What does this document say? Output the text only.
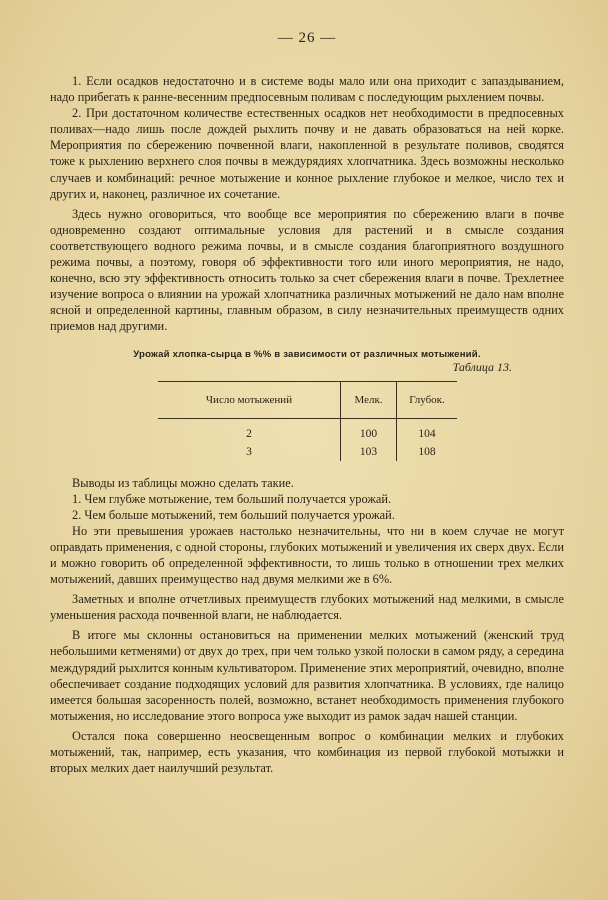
— 26 —

1. Если осадков недостаточно и в системе воды мало или она приходит с запаздыванием, надо прибегать к ранне-весенним предпосевным поливам с последующим рыхлением почвы.

2. При достаточном количестве естественных осадков нет необходимости в предпосевных поливах—надо лишь после дождей рыхлить почву и не давать образоваться на ней корке. Мероприятия по сбережению почвенной влаги, накопленной в результате поливов, сводятся тоже к рыхлению верхнего слоя почвы в междурядиях хлопчатника. Здесь возможны несколько случаев и комбинаций: речное мотыжение и конное рыхление глубокое и мелкое, число тех и других и, наконец, различное их сочетание.

Здесь нужно оговориться, что вообще все мероприятия по сбережению влаги в почве одновременно создают оптимальные условия для растений и в смысле создания соответствующего водного режима почвы, и в смысле создания благоприятного воздушного режима почвы, а поэтому, говоря об эффективности того или иного мероприятия, не надо, конечно, всю эту эффективность относить только за счет сбережения влаги в почве. Трехлетнее изучение вопроса о влиянии на урожай хлопчатника различных мотыжений не дало нам вполне ясной и определенной картины, главным образом, в силу незначительных преимуществ одних приемов над другими.

Урожай хлопка-сырца в %% в зависимости от различных мотыжений.
Таблица 13.
Число мотыжений	Мелк.	Глубок.
2	100	104
3	103	108

Выводы из таблицы можно сделать такие.

1. Чем глубже мотыжение, тем больший получается урожай.

2. Чем больше мотыжений, тем больший получается урожай.

Но эти превышения урожаев настолько незначительны, что ни в коем случае не могут оправдать применения, с одной стороны, глубоких мотыжений и увеличения их сверх двух. Если и можно говорить об определенной эффективности, то лишь только в отношении трех мелких мотыжений, давших преимущество над двумя мелкими же в 6%.

Заметных и вполне отчетливых преимуществ глубоких мотыжений над мелкими, в смысле уменьшения расхода почвенной влаги, не наблюдается.

В итоге мы склонны остановиться на применении мелких мотыжений (женский труд небольшими кетменями) от двух до трех, при чем только узкой полоски в самом ряду, а середина междурядий рыхлится конным культиватором. Применение этих мероприятий, очевидно, вполне обеспечивает создание подходящих условий для развития хлопчатника. В условиях, где налицо имеется большая засоренность полей, возможно, встанет необходимость применения глубокого мотыжения, но исследование этого вопроса уже выходит из рамок задач нашей станции.

Остался пока совершенно неосвещенным вопрос о комбинации мелких и глубоких мотыжений, так, например, есть указания, что комбинация из первой глубокой мотыжки и вторых мелких дает наилучший результат.
